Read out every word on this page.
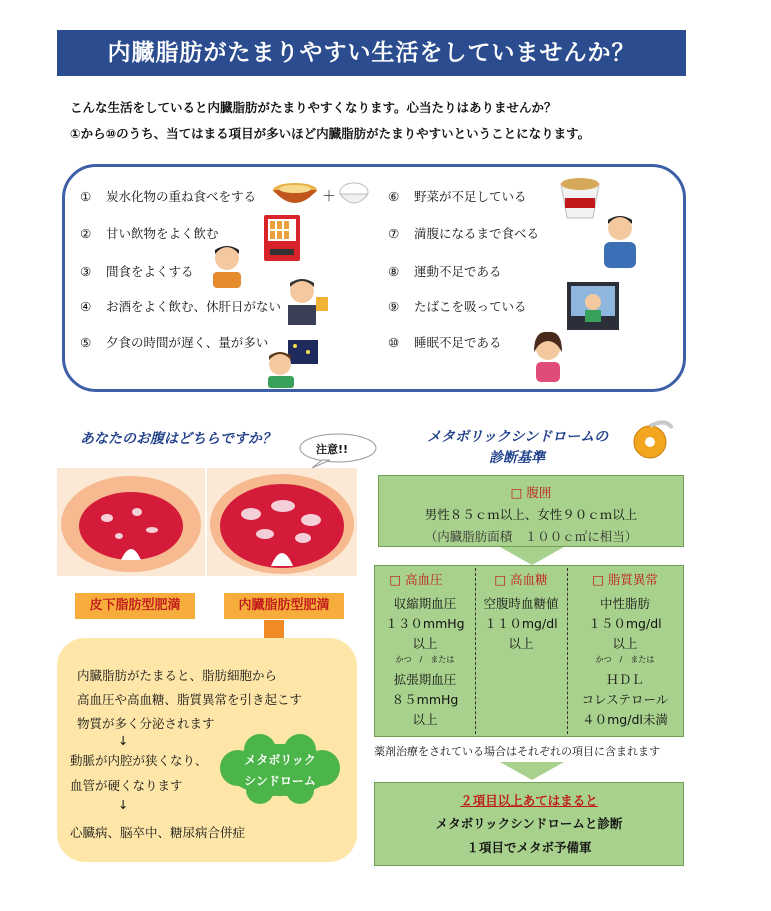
内臓脂肪がたまりやすい生活をしていませんか？
こんな生活をしていると内臓脂肪がたまりやすくなります。心当たりはありませんか？
①から⑩のうち、当てはまる項目が多いほど内臓脂肪がたまりやすいということになります。
① 炭水化物の重ね食べをする
② 甘い飲物をよく飲む
③ 間食をよくする
④ お酒をよく飲む、休肝日がない
⑤ 夕食の時間が遅く、量が多い
⑥ 野菜が不足している
⑦ 満腹になるまで食べる
⑧ 運動不足である
⑨ たばこを吸っている
⑩ 睡眠不足である
＋
あなたのお腹はどちらですか？
注意!!
皮下脂肪型肥満	内臓脂肪型肥満
内臓脂肪がたまると、脂肪細胞から
高血圧や高血糖、脂質異常を引き起こす
物質が多く分泌されます
↓
動脈が内腔が狭くなり、
血管が硬くなります
↓
心臓病、脳卒中、糖尿病合併症
メタボリック
シンドローム
メタボリックシンドロームの
診断基準
□ 腹囲
男性８５ｃｍ以上、女性９０ｃｍ以上
（内臓脂肪面積　１００ｃ㎡に相当）
□ 高血圧
収縮期血圧
１３０mmHg
以上
かつ　/　または
拡張期血圧
８５mmHg
以上
□ 高血糖
空腹時血糖値
１１０mg/dl
以上
□ 脂質異常
中性脂肪
１５０mg/dl
以上
かつ　/　または
ＨＤＬ
コレステロール
４０mg/dl未満
薬剤治療をされている場合はそれぞれの項目に含まれます
２項目以上あてはまると
メタボリックシンドロームと診断
１項目でメタボ予備軍
